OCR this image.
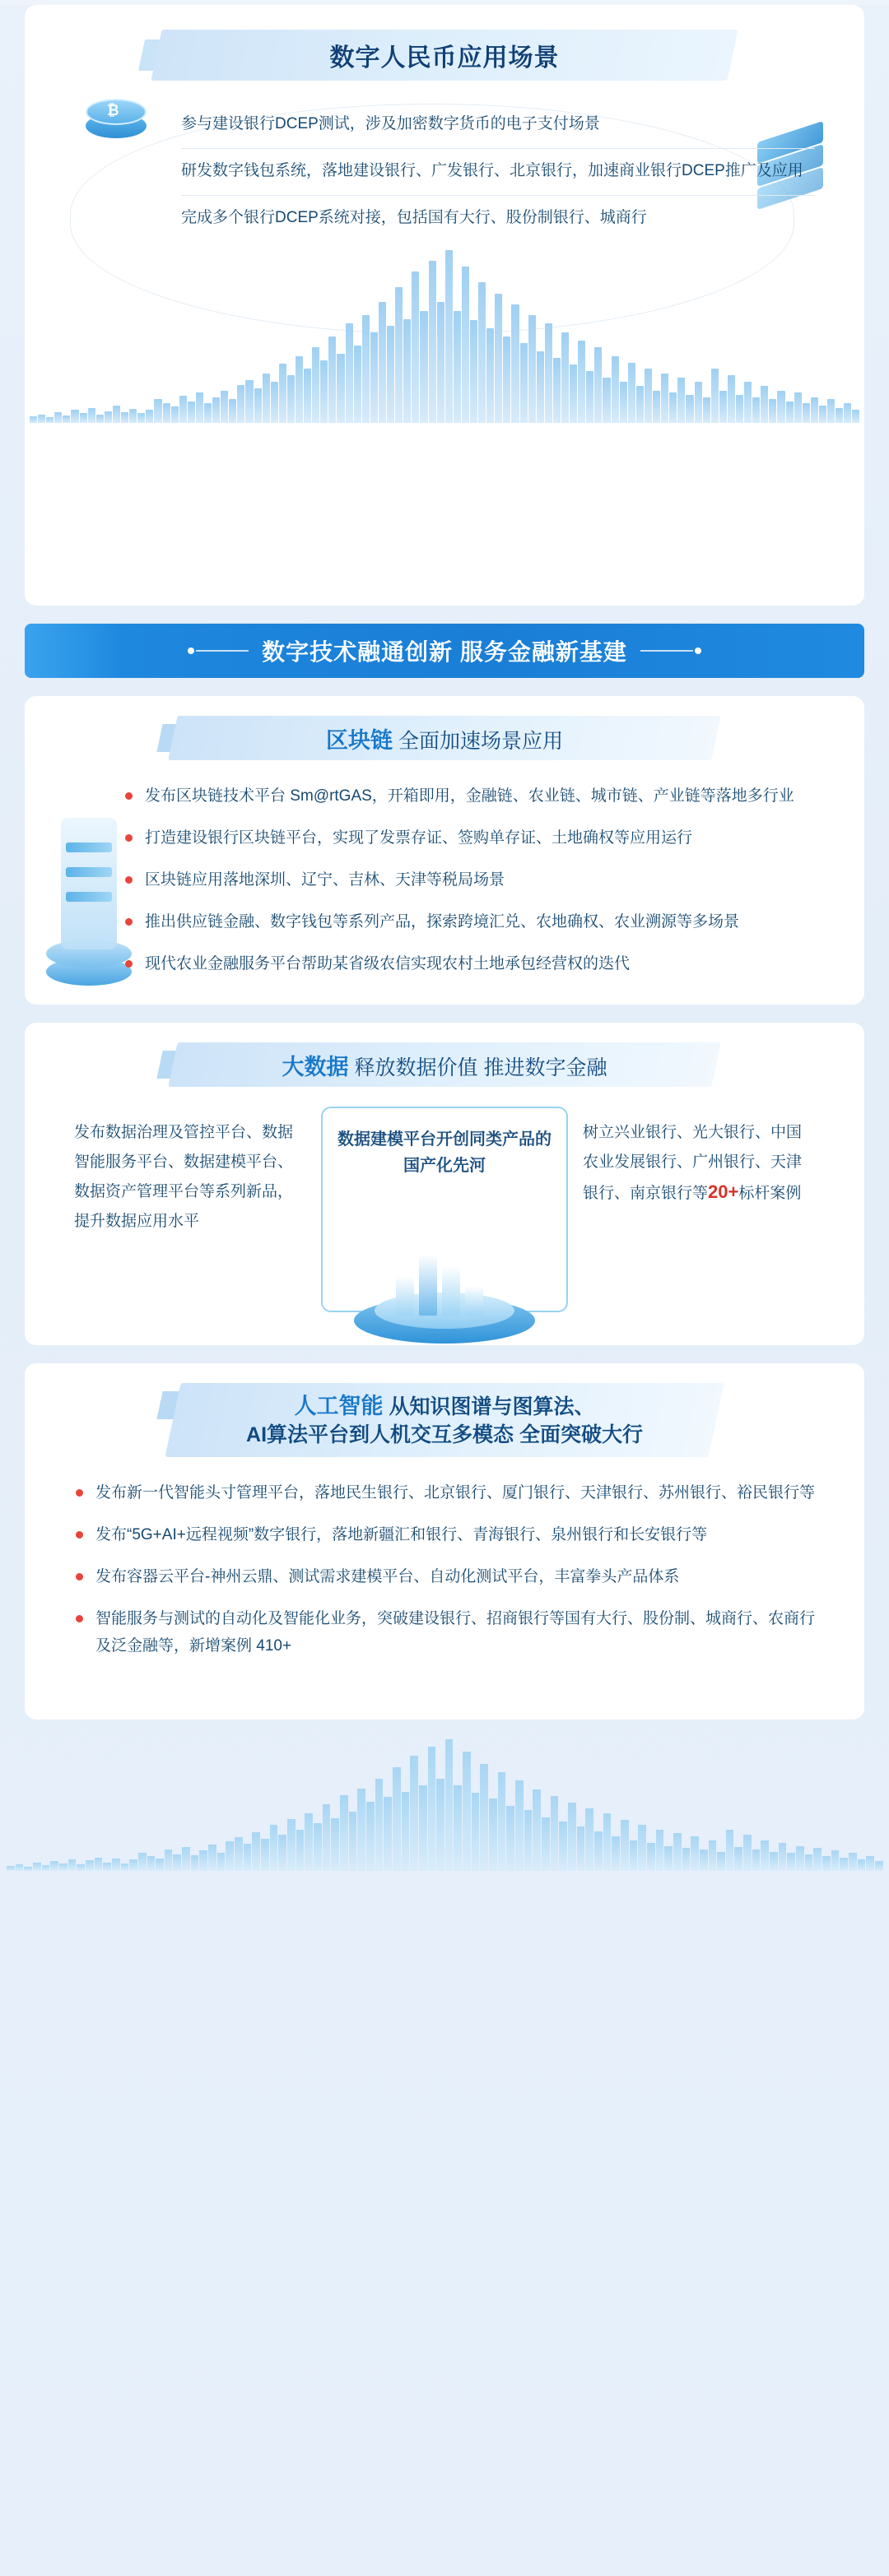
数字人民币应用场景
₿
参与建设银行DCEP测试，涉及加密数字货币的电子支付场景
研发数字钱包系统，落地建设银行、广发银行、北京银行，加速商业银行DCEP推广及应用
完成多个银行DCEP系统对接，包括国有大行、股份制银行、城商行
数字技术融通创新 服务金融新基建
区块链 全面加速场景应用
发布区块链技术平台 Sm@rtGAS，开箱即用，金融链、农业链、城市链、产业链等落地多行业
打造建设银行区块链平台，实现了发票存证、签购单存证、土地确权等应用运行
区块链应用落地深圳、辽宁、吉林、天津等税局场景
推出供应链金融、数字钱包等系列产品，探索跨境汇兑、农地确权、农业溯源等多场景
现代农业金融服务平台帮助某省级农信实现农村土地承包经营权的迭代
大数据 释放数据价值 推进数字金融
发布数据治理及管控平台、数据智能服务平台、数据建模平台、数据资产管理平台等系列新品，提升数据应用水平
数据建模平台开创同类产品的国产化先河
树立兴业银行、光大银行、中国农业发展银行、广州银行、天津银行、南京银行等20+标杆案例
人工智能 从知识图谱与图算法、
AI算法平台到人机交互多模态 全面突破大行
发布新一代智能头寸管理平台，落地民生银行、北京银行、厦门银行、天津银行、苏州银行、裕民银行等
发布“5G+AI+远程视频”数字银行，落地新疆汇和银行、青海银行、泉州银行和长安银行等
发布容器云平台-神州云鼎、测试需求建模平台、自动化测试平台，丰富拳头产品体系
智能服务与测试的自动化及智能化业务，突破建设银行、招商银行等国有大行、股份制、城商行、农商行及泛金融等，新增案例 410+
